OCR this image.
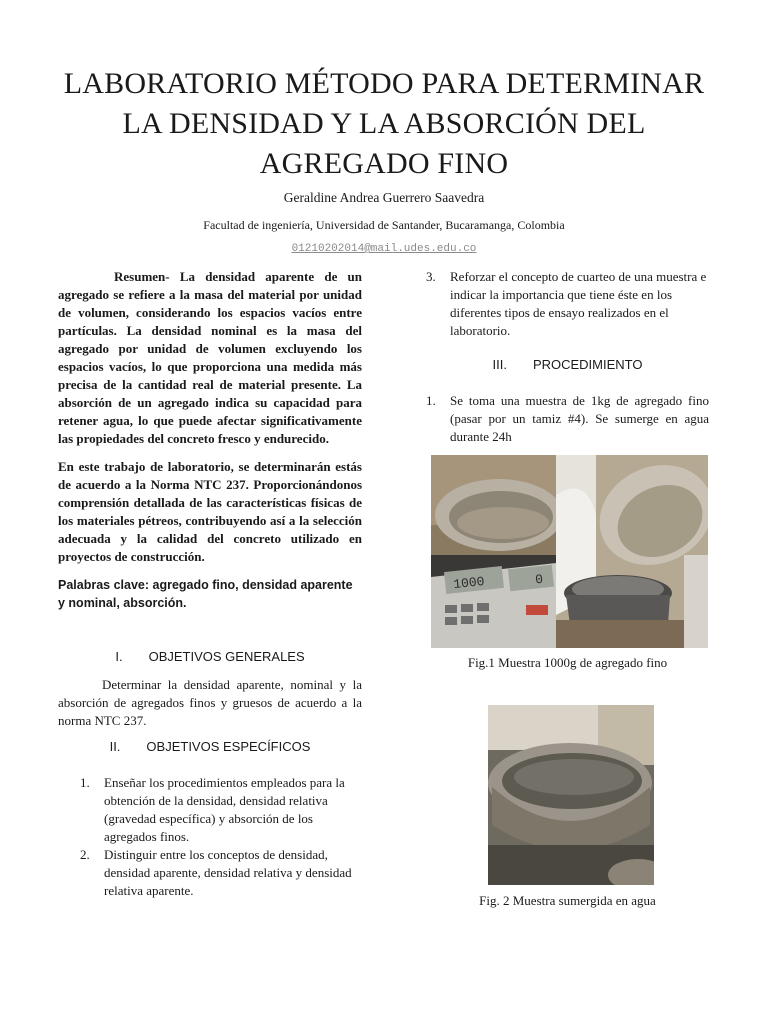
LABORATORIO MÉTODO PARA DETERMINAR LA DENSIDAD Y LA ABSORCIÓN DEL AGREGADO FINO
Geraldine Andrea Guerrero Saavedra
Facultad de ingeniería, Universidad de Santander, Bucaramanga, Colombia
01210202014@mail.udes.edu.co

Resumen- La densidad aparente de un agregado se refiere a la masa del material por unidad de volumen, considerando los espacios vacíos entre partículas. La densidad nominal es la masa del agregado por unidad de volumen excluyendo los espacios vacíos, lo que proporciona una medida más precisa de la cantidad real de material presente. La absorción de un agregado indica su capacidad para retener agua, lo que puede afectar significativamente las propiedades del concreto fresco y endurecido.

En este trabajo de laboratorio, se determinarán estás de acuerdo a la Norma NTC 237. Proporcionándonos comprensión detallada de las características físicas de los materiales pétreos, contribuyendo así a la selección adecuada y la calidad del concreto utilizado en proyectos de construcción.

Palabras clave: agregado fino, densidad aparente y nominal, absorción.

I. OBJETIVOS GENERALES

Determinar la densidad aparente, nominal y la absorción de agregados finos y gruesos de acuerdo a la norma NTC 237.

II. OBJETIVOS ESPECÍFICOS
1.	Enseñar los procedimientos empleados para la obtención de la densidad, densidad relativa (gravedad específica) y absorción de los agregados finos.
2.	Distinguir entre los conceptos de densidad, densidad aparente, densidad relativa y densidad relativa aparente.
3.	Reforzar el concepto de cuarteo de una muestra e indicar la importancia que tiene éste en los diferentes tipos de ensayo realizados en el laboratorio.
III. PROCEDIMIENTO
1.	Se toma una muestra de 1kg de agregado fino (pasar por un tamiz #4). Se sumerge en agua durante 24h
1000	0
Fig.1 Muestra 1000g de agregado fino
Fig. 2 Muestra sumergida en agua
